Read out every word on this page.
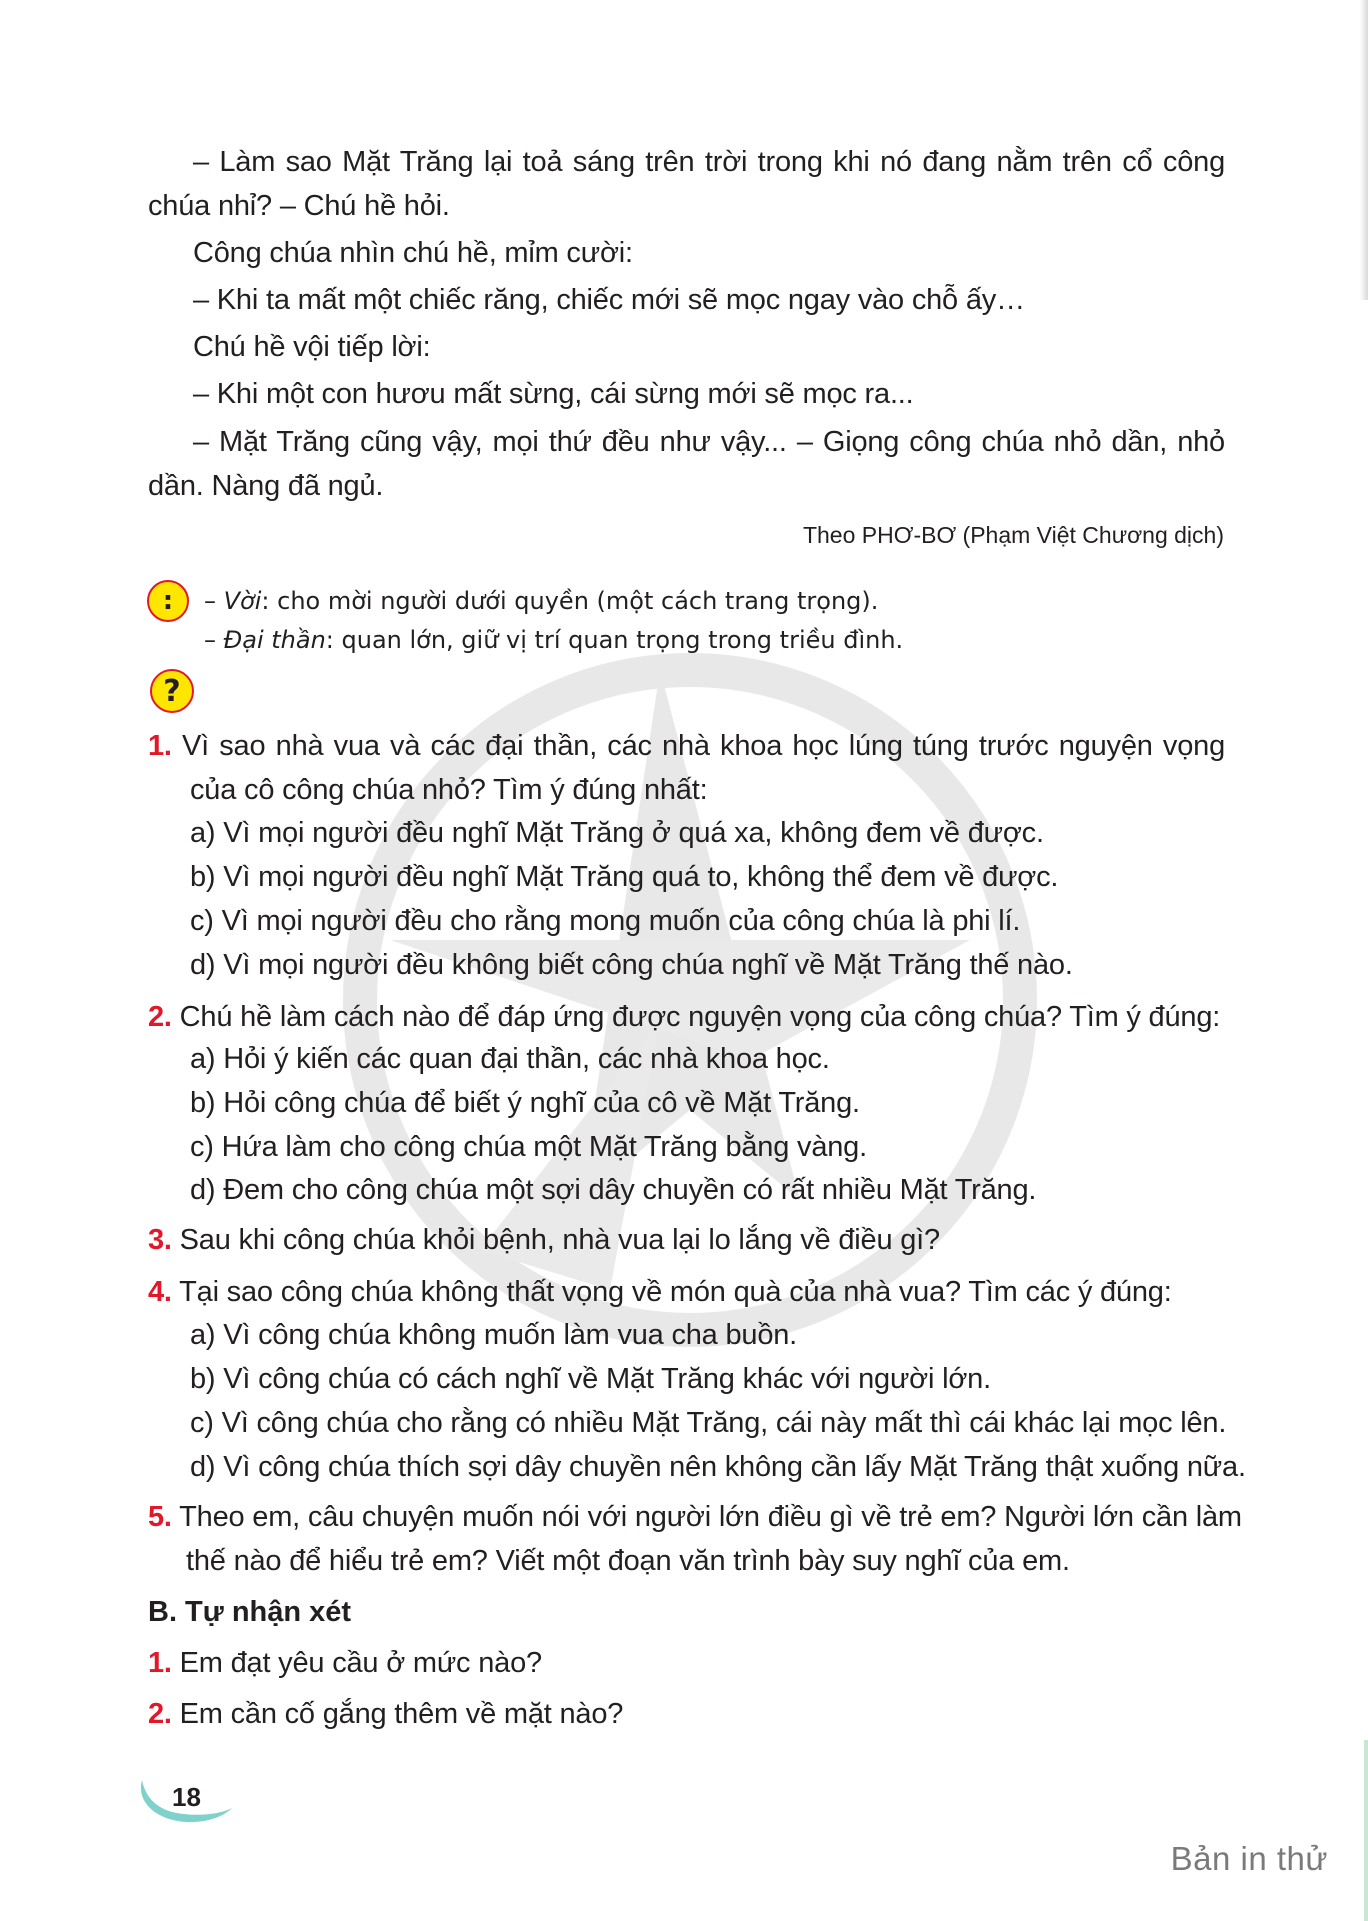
– Làm sao Mặt Trăng lại toả sáng trên trời trong khi nó đang nằm trên cổ công
chúa nhỉ? – Chú hề hỏi.
Công chúa nhìn chú hề, mỉm cười:
– Khi ta mất một chiếc răng, chiếc mới sẽ mọc ngay vào chỗ ấy…
Chú hề vội tiếp lời:
– Khi một con hươu mất sừng, cái sừng mới sẽ mọc ra...
– Mặt Trăng cũng vậy, mọi thứ đều như vậy... – Giọng công chúa nhỏ dần, nhỏ
dần. Nàng đã ngủ.
Theo PHƠ-BƠ (Phạm Việt Chương dịch)
:	– Vời: cho mời người dưới quyền (một cách trang trọng).
– Đại thần: quan lớn, giữ vị trí quan trọng trong triều đình.
?
1. Vì sao nhà vua và các đại thần, các nhà khoa học lúng túng trước nguyện vọng
của cô công chúa nhỏ? Tìm ý đúng nhất:
a) Vì mọi người đều nghĩ Mặt Trăng ở quá xa, không đem về được.
b) Vì mọi người đều nghĩ Mặt Trăng quá to, không thể đem về được.
c) Vì mọi người đều cho rằng mong muốn của công chúa là phi lí.
d) Vì mọi người đều không biết công chúa nghĩ về Mặt Trăng thế nào.
2. Chú hề làm cách nào để đáp ứng được nguyện vọng của công chúa? Tìm ý đúng:
a) Hỏi ý kiến các quan đại thần, các nhà khoa học.
b) Hỏi công chúa để biết ý nghĩ của cô về Mặt Trăng.
c) Hứa làm cho công chúa một Mặt Trăng bằng vàng.
d) Đem cho công chúa một sợi dây chuyền có rất nhiều Mặt Trăng.
3. Sau khi công chúa khỏi bệnh, nhà vua lại lo lắng về điều gì?
4. Tại sao công chúa không thất vọng về món quà của nhà vua? Tìm các ý đúng:
a) Vì công chúa không muốn làm vua cha buồn.
b) Vì công chúa có cách nghĩ về Mặt Trăng khác với người lớn.
c) Vì công chúa cho rằng có nhiều Mặt Trăng, cái này mất thì cái khác lại mọc lên.
d) Vì công chúa thích sợi dây chuyền nên không cần lấy Mặt Trăng thật xuống nữa.
5. Theo em, câu chuyện muốn nói với người lớn điều gì về trẻ em? Người lớn cần làm
thế nào để hiểu trẻ em? Viết một đoạn văn trình bày suy nghĩ của em.
B. Tự nhận xét
1. Em đạt yêu cầu ở mức nào?
2. Em cần cố gắng thêm về mặt nào?
18
Bản in thử
